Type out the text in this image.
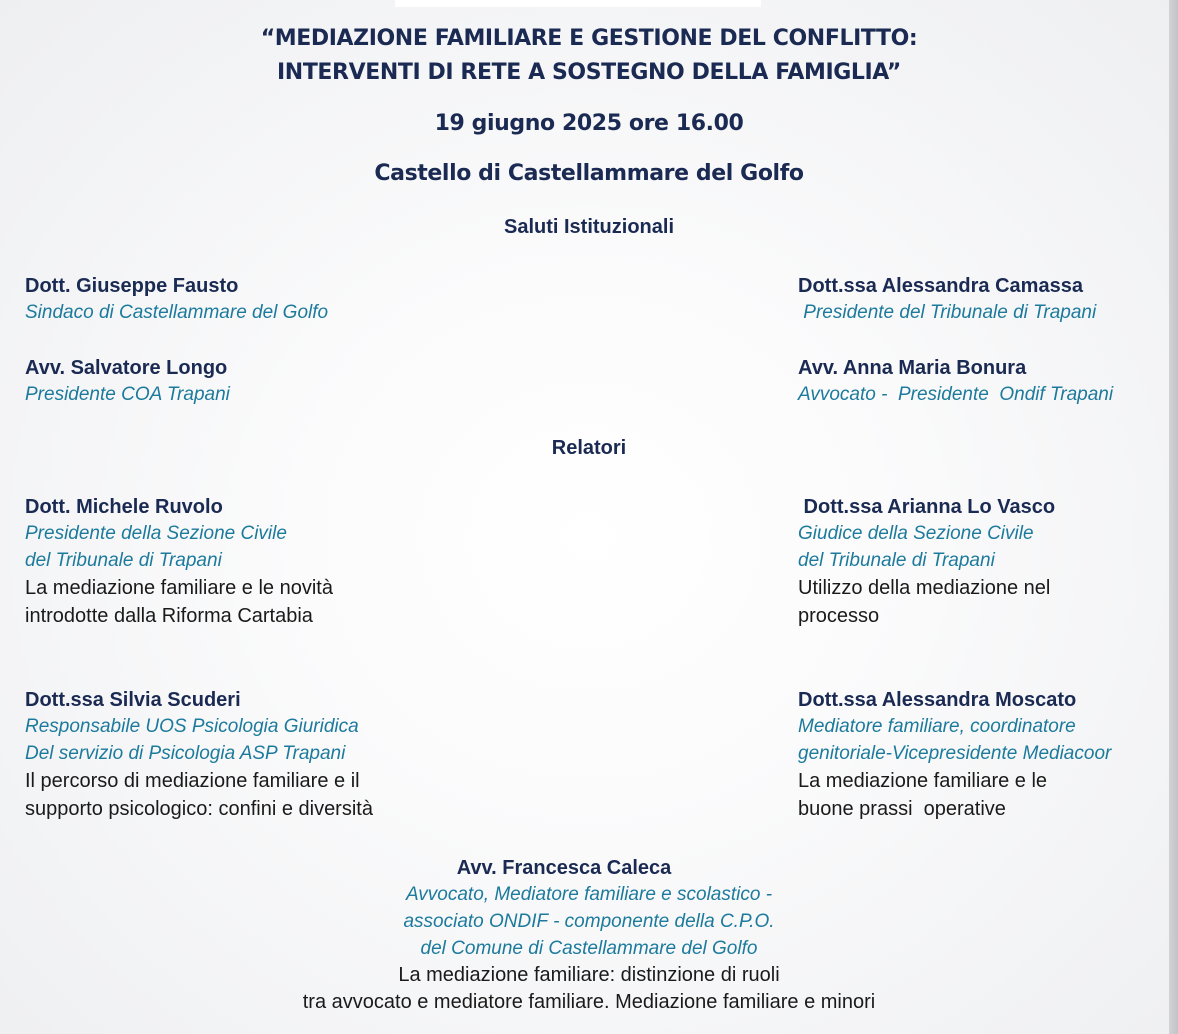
“MEDIAZIONE FAMILIARE E GESTIONE DEL CONFLITTO:
INTERVENTI DI RETE A SOSTEGNO DELLA FAMIGLIA”
19 giugno 2025 ore 16.00
Castello di Castellammare del Golfo
Saluti Istituzionali
Dott. Giuseppe Fausto
Sindaco di Castellammare del Golfo
Dott.ssa Alessandra Camassa
Presidente del Tribunale di Trapani
Avv. Salvatore Longo
Presidente COA Trapani
Avv. Anna Maria Bonura
Avvocato -  Presidente  Ondif Trapani
Relatori
Dott. Michele Ruvolo
Presidente della Sezione Civile
del Tribunale di Trapani
La mediazione familiare e le novità
introdotte dalla Riforma Cartabia
Dott.ssa Arianna Lo Vasco
Giudice della Sezione Civile
del Tribunale di Trapani
Utilizzo della mediazione nel
processo
Dott.ssa Silvia Scuderi
Responsabile UOS Psicologia Giuridica
Del servizio di Psicologia ASP Trapani
Il percorso di mediazione familiare e il
supporto psicologico: confini e diversità
Dott.ssa Alessandra Moscato
Mediatore familiare, coordinatore
genitoriale-Vicepresidente Mediacoor
La mediazione familiare e le
buone prassi  operative
Avv. Francesca Caleca
Avvocato, Mediatore familiare e scolastico -
associato ONDIF - componente della C.P.O.
del Comune di Castellammare del Golfo
La mediazione familiare: distinzione di ruoli
tra avvocato e mediatore familiare. Mediazione familiare e minori
